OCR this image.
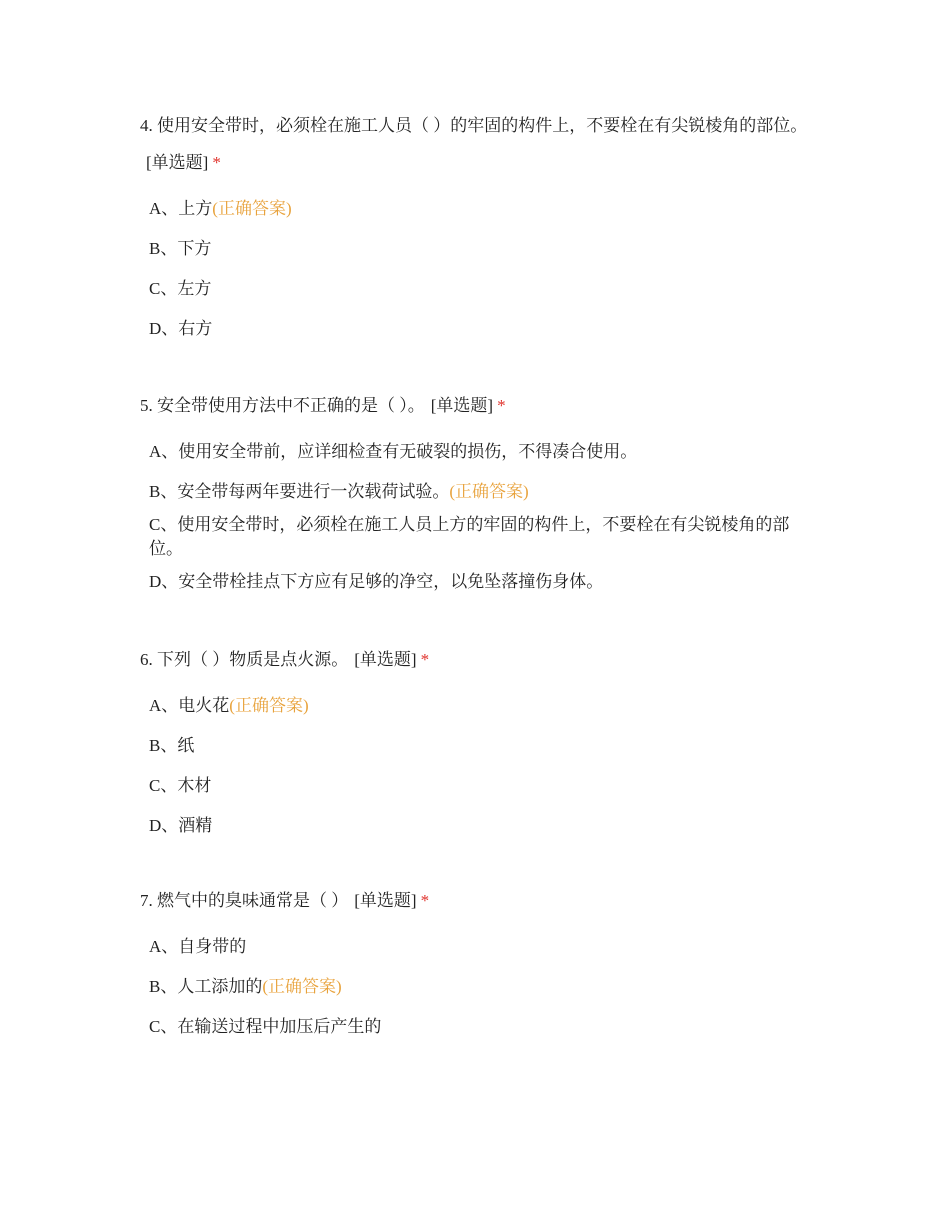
4. 使用安全带时，必须栓在施工人员（ ）的牢固的构件上，不要栓在有尖锐棱角的部位。[单选题] *

A、上方(正确答案)
B、下方
C、左方
D、右方

5. 安全带使用方法中不正确的是（ ）。 [单选题] *

A、使用安全带前，应详细检查有无破裂的损伤，不得凑合使用。
B、安全带每两年要进行一次载荷试验。(正确答案)
C、使用安全带时，必须栓在施工人员上方的牢固的构件上，不要栓在有尖锐棱角的部位。
D、安全带栓挂点下方应有足够的净空，以免坠落撞伤身体。

6. 下列（ ）物质是点火源。 [单选题] *

A、电火花(正确答案)
B、纸
C、木材
D、酒精

7. 燃气中的臭味通常是（ ） [单选题] *

A、自身带的
B、人工添加的(正确答案)
C、在输送过程中加压后产生的
